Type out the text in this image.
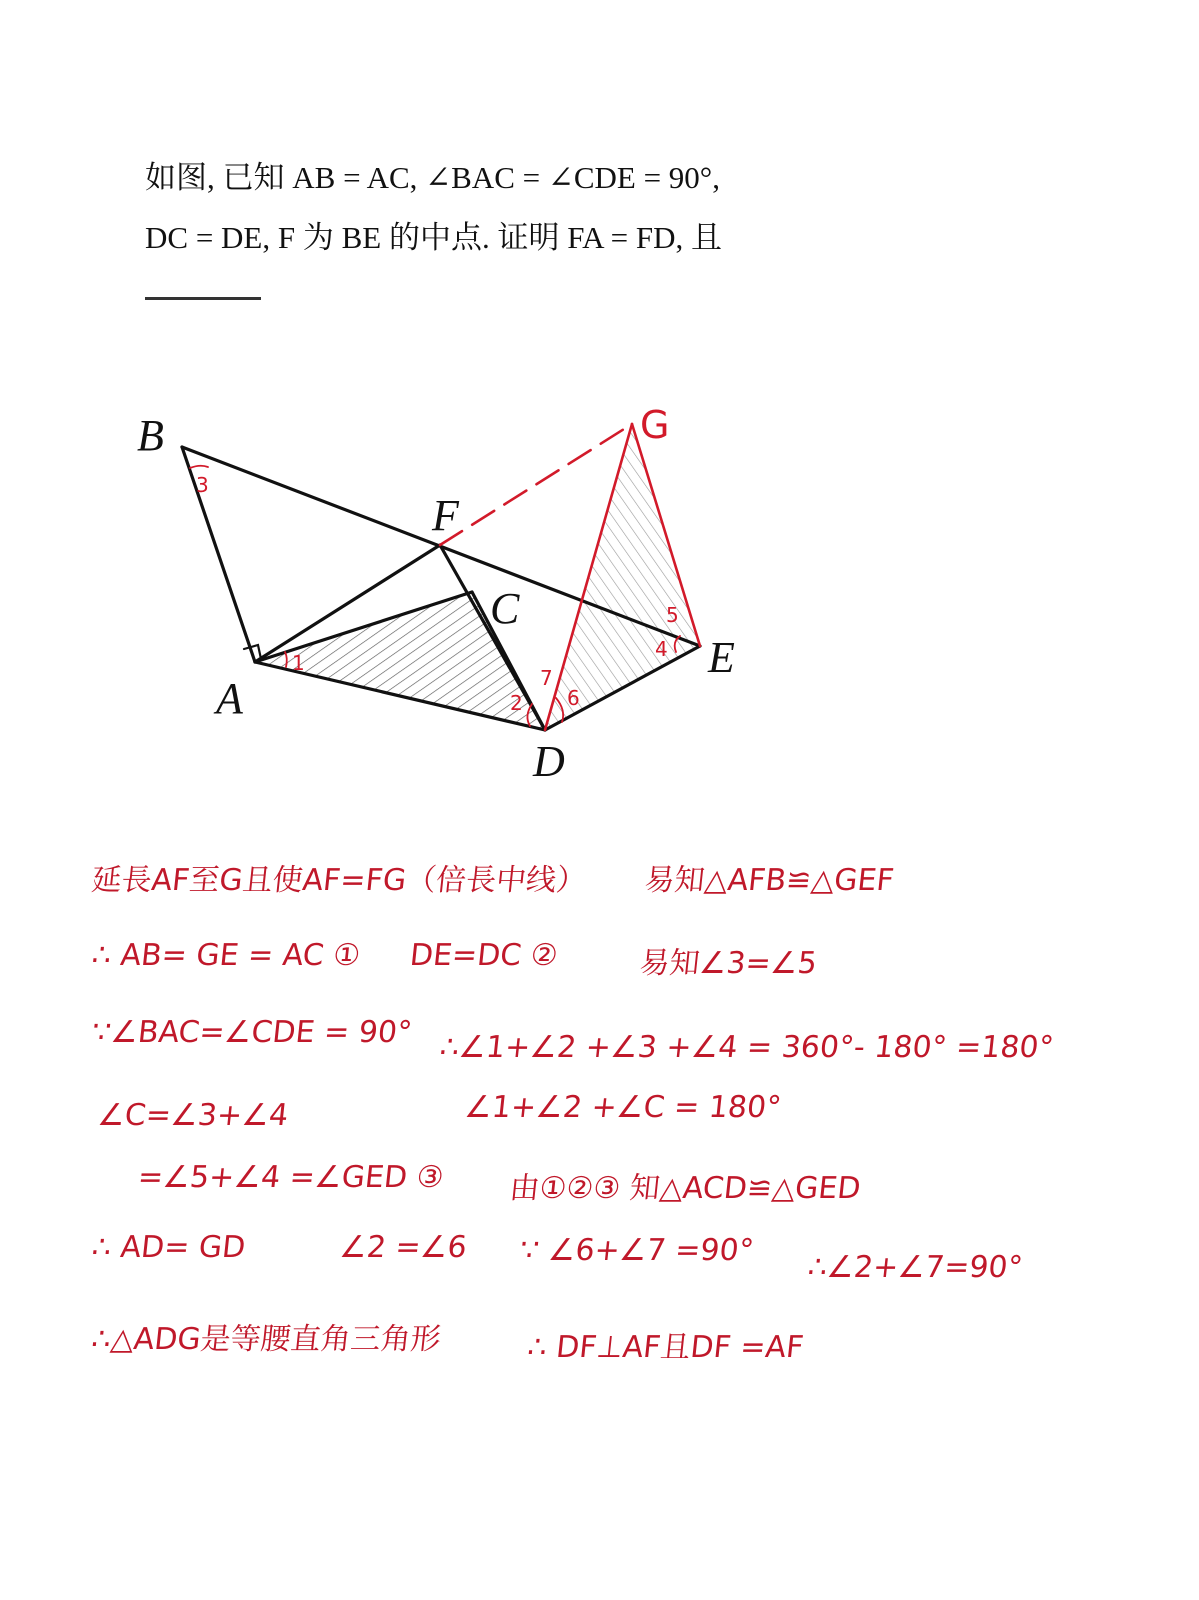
如图, 已知 AB = AC, ∠BAC = ∠CDE = 90°,
DC = DE, F 为 BE 的中点. 证明 FA = FD, 且
B
F
C
E
A
D
G
1
2
3
4
5
6
7
延長AF至G且使AF=FG（倍長中线） 易知△AFB≌△GEF
∴ AB= GE = AC ① DE=DC ②	易知∠3=∠5
∵∠BAC=∠CDE = 90° ∴∠1+∠2 +∠3 +∠4 = 360°- 180° =180°
∠C=∠3+∠4	∠1+∠2 +∠C = 180°
=∠5+∠4 =∠GED ③ 由①②③ 知△ACD≌△GED
∴ AD= GD	∠2 =∠6 ∵ ∠6+∠7 =90° ∴∠2+∠7=90°
∴△ADG是等腰直角三角形	∴ DF⊥AF且DF =AF
